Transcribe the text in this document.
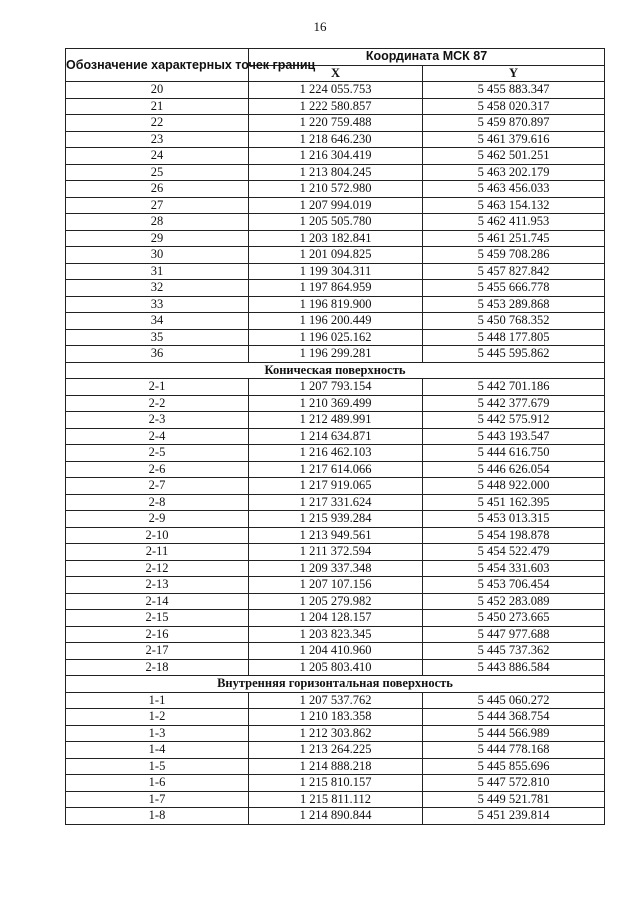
16
Обозначение характерных точек границ	Координата МСК 87	
	X	Y
20	1 224 055.753	5 455 883.347
21	1 222 580.857	5 458 020.317
22	1 220 759.488	5 459 870.897
23	1 218 646.230	5 461 379.616
24	1 216 304.419	5 462 501.251
25	1 213 804.245	5 463 202.179
26	1 210 572.980	5 463 456.033
27	1 207 994.019	5 463 154.132
28	1 205 505.780	5 462 411.953
29	1 203 182.841	5 461 251.745
30	1 201 094.825	5 459 708.286
31	1 199 304.311	5 457 827.842
32	1 197 864.959	5 455 666.778
33	1 196 819.900	5 453 289.868
34	1 196 200.449	5 450 768.352
35	1 196 025.162	5 448 177.805
36	1 196 299.281	5 445 595.862
Коническая поверхность		
2-1	1 207 793.154	5 442 701.186
2-2	1 210 369.499	5 442 377.679
2-3	1 212 489.991	5 442 575.912
2-4	1 214 634.871	5 443 193.547
2-5	1 216 462.103	5 444 616.750
2-6	1 217 614.066	5 446 626.054
2-7	1 217 919.065	5 448 922.000
2-8	1 217 331.624	5 451 162.395
2-9	1 215 939.284	5 453 013.315
2-10	1 213 949.561	5 454 198.878
2-11	1 211 372.594	5 454 522.479
2-12	1 209 337.348	5 454 331.603
2-13	1 207 107.156	5 453 706.454
2-14	1 205 279.982	5 452 283.089
2-15	1 204 128.157	5 450 273.665
2-16	1 203 823.345	5 447 977.688
2-17	1 204 410.960	5 445 737.362
2-18	1 205 803.410	5 443 886.584
Внутренняя горизонтальная поверхность		
1-1	1 207 537.762	5 445 060.272
1-2	1 210 183.358	5 444 368.754
1-3	1 212 303.862	5 444 566.989
1-4	1 213 264.225	5 444 778.168
1-5	1 214 888.218	5 445 855.696
1-6	1 215 810.157	5 447 572.810
1-7	1 215 811.112	5 449 521.781
1-8	1 214 890.844	5 451 239.814
